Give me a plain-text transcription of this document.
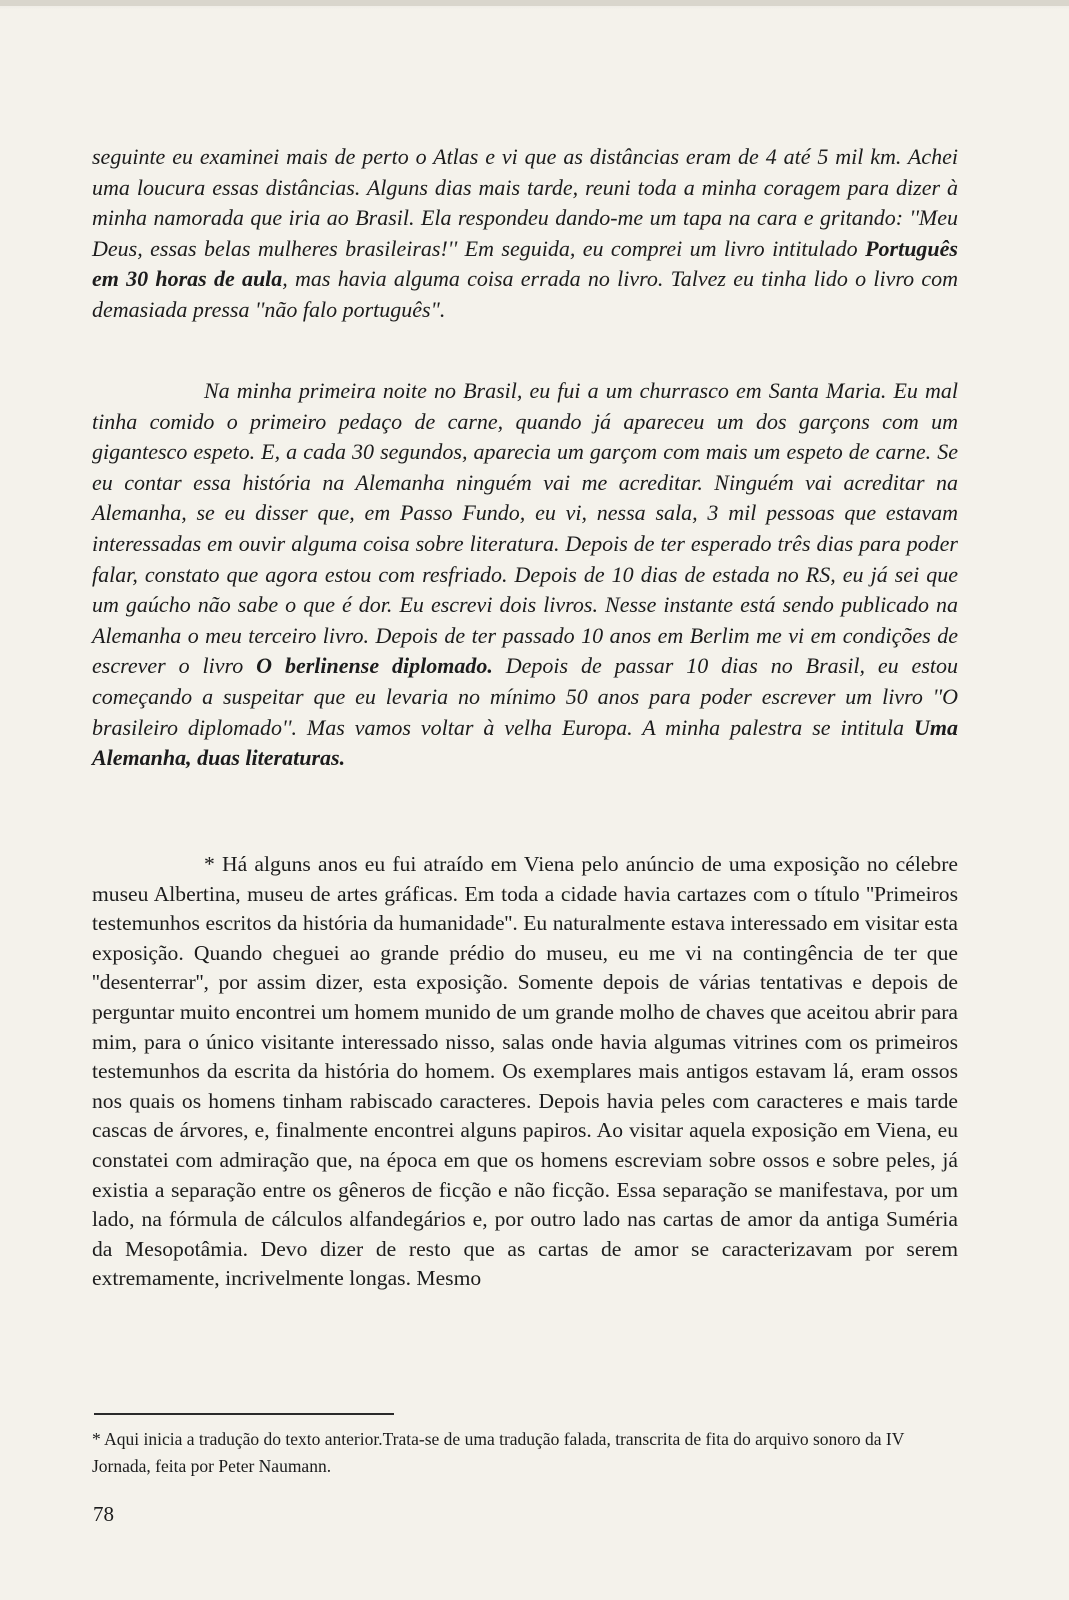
seguinte eu examinei mais de perto o Atlas e vi que as distâncias eram de 4 até 5 mil km. Achei uma loucura essas distâncias. Alguns dias mais tarde, reuni toda a minha coragem para dizer à minha namorada que iria ao Brasil. Ela respondeu dando-me um tapa na cara e gritando: ''Meu Deus, essas belas mulheres brasileiras!'' Em seguida, eu comprei um livro intitulado Português em 30 horas de aula, mas havia alguma coisa errada no livro. Talvez eu tinha lido o livro com demasiada pressa ''não falo português".

Na minha primeira noite no Brasil, eu fui a um churrasco em Santa Maria. Eu mal tinha comido o primeiro pedaço de carne, quando já apareceu um dos garçons com um gigantesco espeto. E, a cada 30 segundos, aparecia um garçom com mais um espeto de carne. Se eu contar essa história na Alemanha ninguém vai me acreditar. Ninguém vai acreditar na Alemanha, se eu disser que, em Passo Fundo, eu vi, nessa sala, 3 mil pessoas que estavam interessadas em ouvir alguma coisa sobre literatura. Depois de ter esperado três dias para poder falar, constato que agora estou com resfriado. Depois de 10 dias de estada no RS, eu já sei que um gaúcho não sabe o que é dor. Eu escrevi dois livros. Nesse instante está sendo publicado na Alemanha o meu terceiro livro. Depois de ter passado 10 anos em Berlim me vi em condições de escrever o livro O berlinense diplomado. Depois de passar 10 dias no Brasil, eu estou começando a suspeitar que eu levaria no mínimo 50 anos para poder escrever um livro ''O brasileiro diplomado''. Mas vamos voltar à velha Europa. A minha palestra se intitula Uma Alemanha, duas literaturas.

* Há alguns anos eu fui atraído em Viena pelo anúncio de uma exposição no célebre museu Albertina, museu de artes gráficas. Em toda a cidade havia cartazes com o título ''Primeiros testemunhos escritos da história da humanidade''. Eu naturalmente estava interessado em visitar esta exposição. Quando cheguei ao grande prédio do museu, eu me vi na contingência de ter que ''desenterrar'', por assim dizer, esta exposição. Somente depois de várias tentativas e depois de perguntar muito encontrei um homem munido de um grande molho de chaves que aceitou abrir para mim, para o único visitante interessado nisso, salas onde havia algumas vitrines com os primeiros testemunhos da escrita da história do homem. Os exemplares mais antigos estavam lá, eram ossos nos quais os homens tinham rabiscado caracteres. Depois havia peles com caracteres e mais tarde cascas de árvores, e, finalmente encontrei alguns papiros. Ao visitar aquela exposição em Viena, eu constatei com admiração que, na época em que os homens escreviam sobre ossos e sobre peles, já existia a separação entre os gêneros de ficção e não ficção. Essa separação se manifestava, por um lado, na fórmula de cálculos alfandegários e, por outro lado nas cartas de amor da antiga Suméria da Mesopotâmia. Devo dizer de resto que as cartas de amor se caracterizavam por serem extremamente, incrivelmente longas. Mesmo

* Aqui inicia a tradução do texto anterior.Trata-se de uma tradução falada, transcrita de fita do arquivo sonoro da IV Jornada, feita por Peter Naumann.

78
